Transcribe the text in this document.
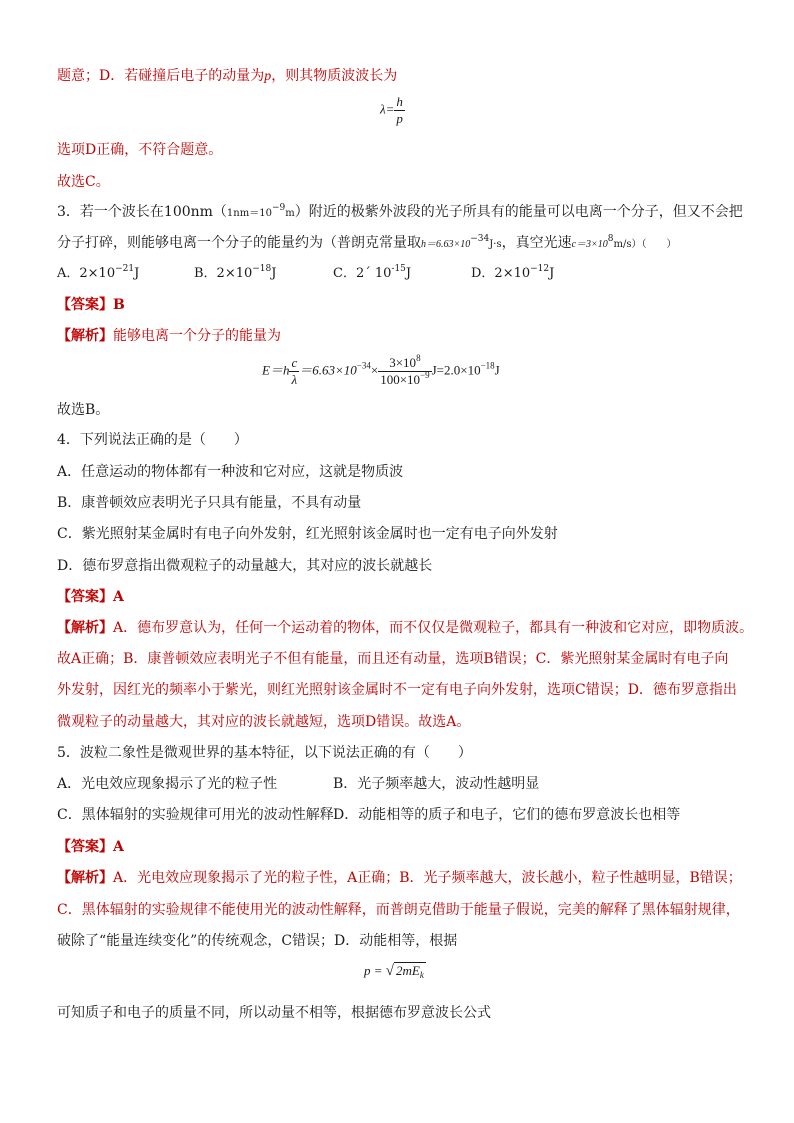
题意；D．若碰撞后电子的动量为p，则其物质波波长为
$\lambda= \frac{h}{p}$
选项D正确，不符合题意。
故选C。
3．若一个波长在$100nm(1nm=10^{-9}m)$附近的极紫外波段的光子所具有的能量可以电离一个分子，但又不会把
分子打碎，则能够电离一个分子的能量约为（普朗克常量取$h=6.63\times 10^{-34}J\cdot s$，真空光速$c=3\times 10^8m/s$）（　　）
A．$2\times 10^{-21}J$	B．$2\times 10^{-18}J$	C．2´ $10^{-15}J$	D．$2\times 10^{-12}J$
【答案】B
【解析】能够电离一个分子的能量为
$E=h \frac{c}{\lambda} =6.63\times 10^{-34}\times \frac{3\times 10^8}{100\times 10^{-9}} J=2.0\times 10^{-18}J$
故选B。
4．下列说法正确的是（　　）
A．任意运动的物体都有一种波和它对应，这就是物质波
B．康普顿效应表明光子只具有能量，不具有动量
C．紫光照射某金属时有电子向外发射，红光照射该金属时也一定有电子向外发射
D．德布罗意指出微观粒子的动量越大，其对应的波长就越长
【答案】A
【解析】A．德布罗意认为，任何一个运动着的物体，而不仅仅是微观粒子，都具有一种波和它对应，即物质波。
故A正确；B．康普顿效应表明光子不但有能量，而且还有动量，选项B错误；C．紫光照射某金属时有电子向
外发射，因红光的频率小于紫光，则红光照射该金属时不一定有电子向外发射，选项C错误；D．德布罗意指出
微观粒子的动量越大，其对应的波长就越短，选项D错误。故选A。
5．波粒二象性是微观世界的基本特征，以下说法正确的有（　　）
A．光电效应现象揭示了光的粒子性	B．光子频率越大，波动性越明显
C．黑体辐射的实验规律可用光的波动性解释 D．动能相等的质子和电子，它们的德布罗意波长也相等
【答案】A
【解析】A．光电效应现象揭示了光的粒子性，A正确；B．光子频率越大，波长越小，粒子性越明显，B错误；
C．黑体辐射的实验规律不能使用光的波动性解释，而普朗克借助于能量子假说，完美的解释了黑体辐射规律，
破除了“能量连续变化”的传统观念，C错误；D．动能相等，根据
p = √ $2mE_k$
可知质子和电子的质量不同，所以动量不相等，根据德布罗意波长公式
